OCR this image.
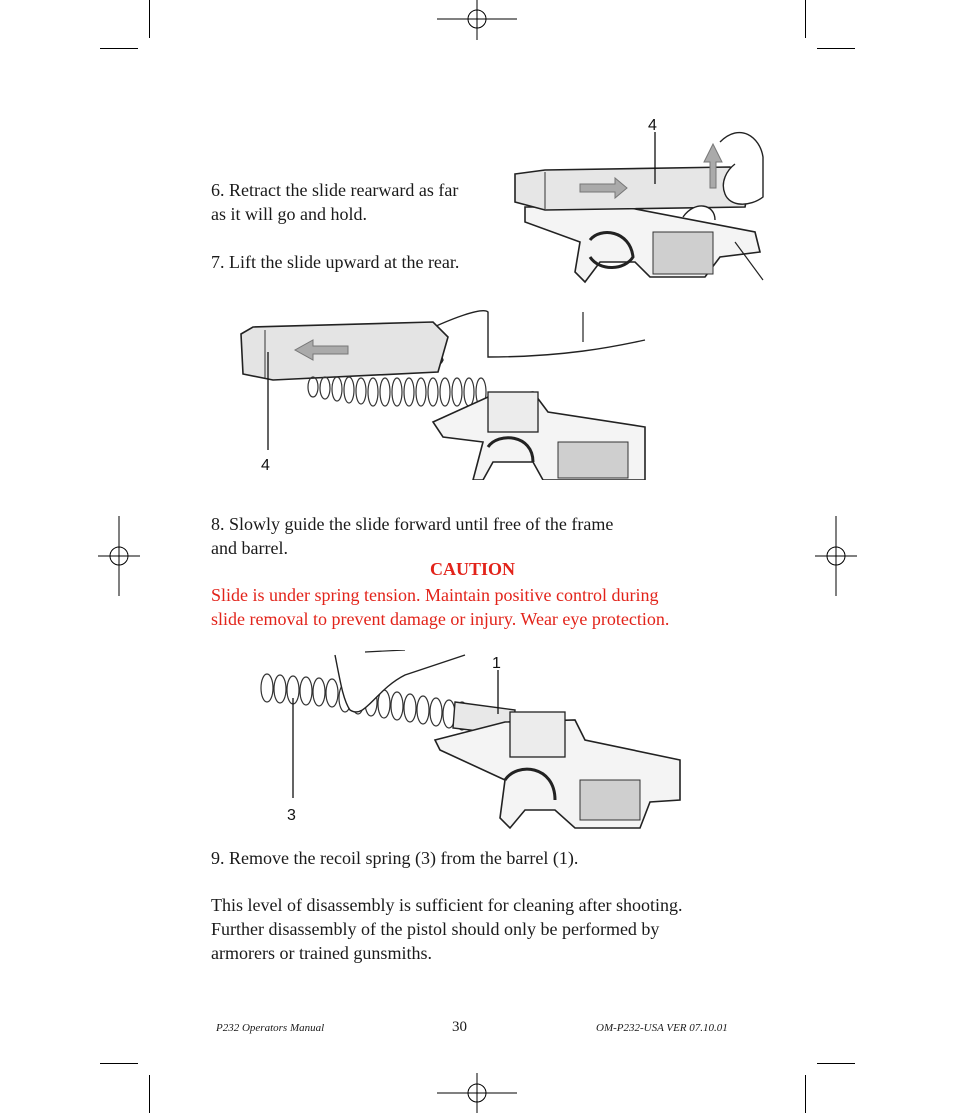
6. Retract the slide rearward as far
as it will go and hold.
7. Lift the slide upward at the rear.
4
4
8. Slowly guide the slide forward until free of the frame
and barrel.
CAUTION
Slide is under spring tension. Maintain positive control during
slide removal to prevent damage or injury. Wear eye protection.
1
3
9. Remove the recoil spring (3) from the barrel (1).
This level of disassembly is sufficient for cleaning after shooting.
Further disassembly of the pistol should only be performed by
armorers or trained gunsmiths.
P232 Operators Manual	30	OM-P232-USA VER 07.10.01
